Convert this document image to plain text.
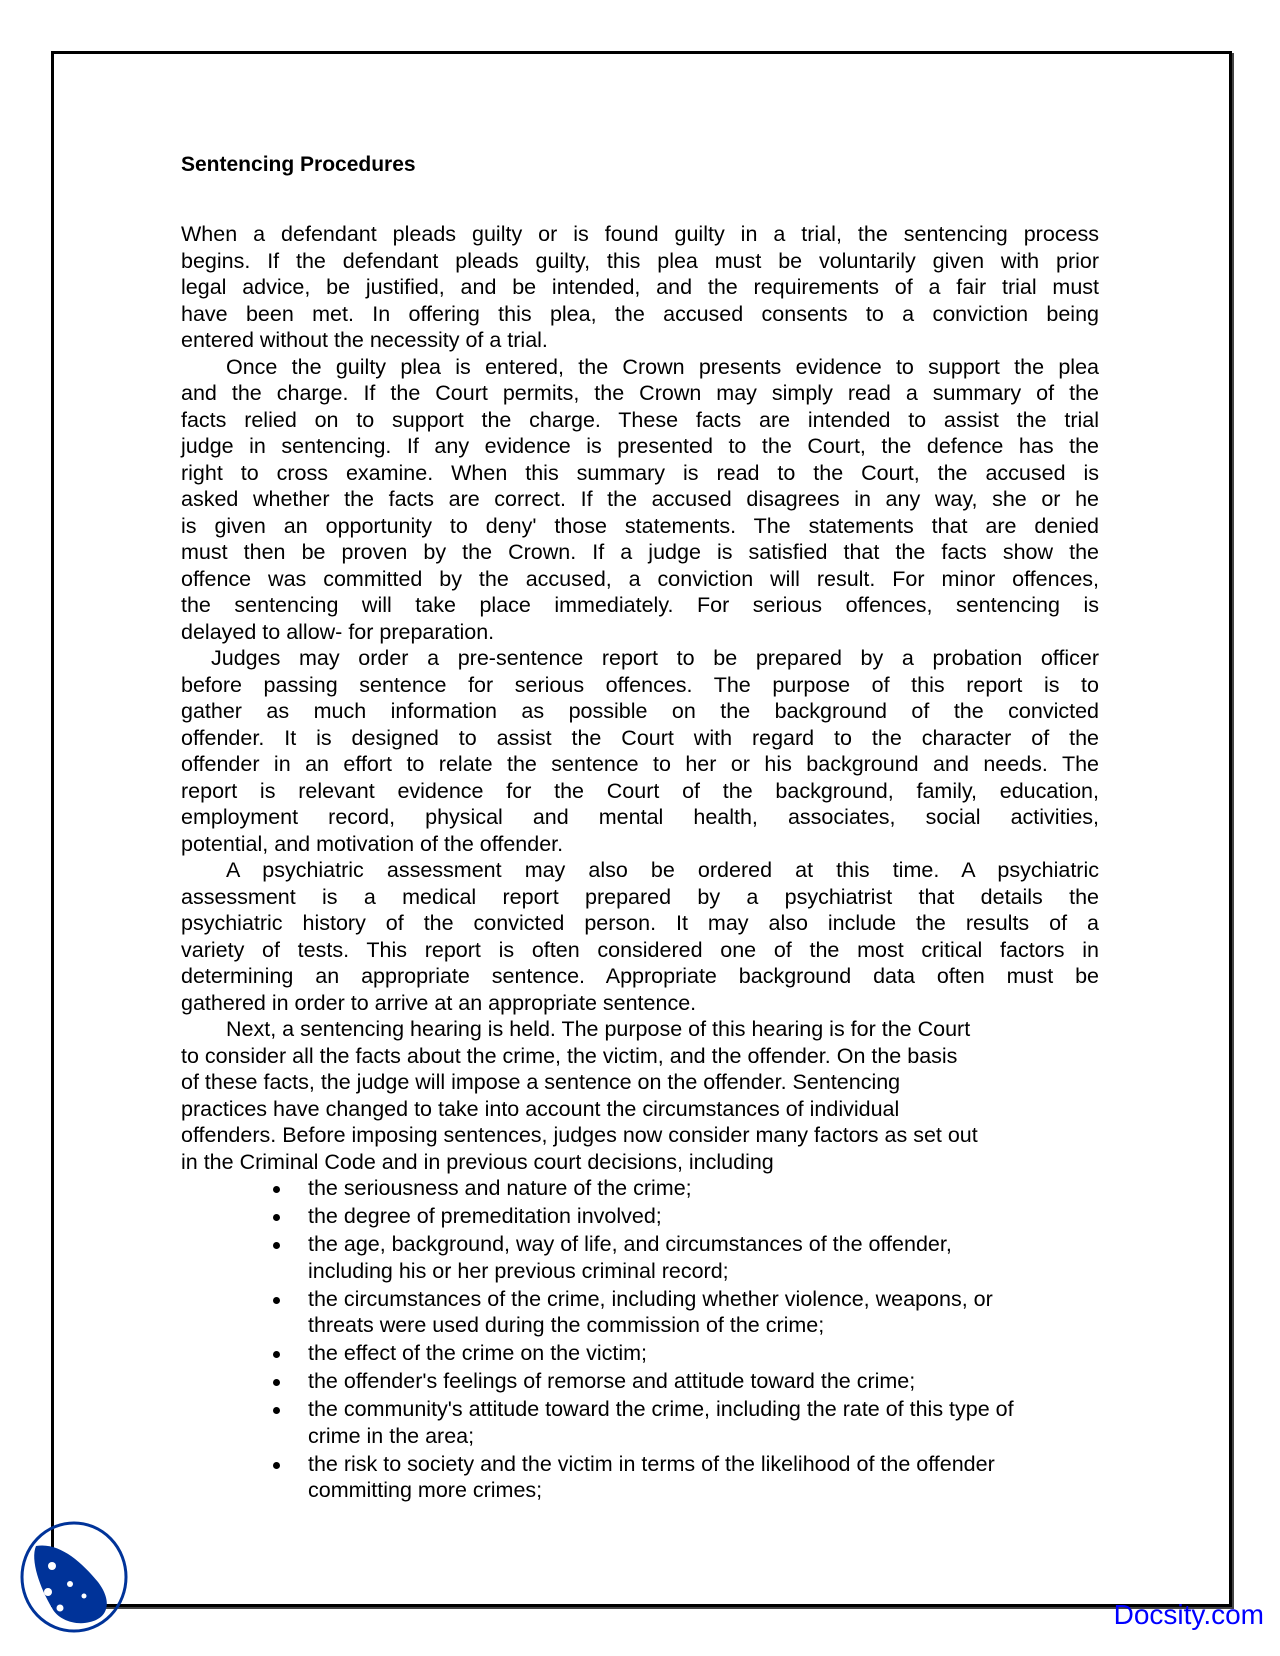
Sentencing Procedures
When a defendant pleads guilty or is found guilty in a trial, the sentencing process
begins. If the defendant pleads guilty, this plea must be voluntarily given with prior
legal advice, be justified, and be intended, and the requirements of a fair trial must
have been met. In offering this plea, the accused consents to a conviction being
entered without the necessity of a trial.
Once the guilty plea is entered, the Crown presents evidence to support the plea
and the charge. If the Court permits, the Crown may simply read a summary of the
facts relied on to support the charge. These facts are intended to assist the trial
judge in sentencing. If any evidence is presented to the Court, the defence has the
right to cross examine. When this summary is read to the Court, the accused is
asked whether the facts are correct. If the accused disagrees in any way, she or he
is given an opportunity to deny' those statements. The statements that are denied
must then be proven by the Crown. If a judge is satisfied that the facts show the
offence was committed by the accused, a conviction will result. For minor offences,
the sentencing will take place immediately. For serious offences, sentencing is
delayed to allow- for preparation.
Judges may order a pre-sentence report to be prepared by a probation officer
before passing sentence for serious offences. The purpose of this report is to
gather as much information as possible on the background of the convicted
offender. It is designed to assist the Court with regard to the character of the
offender in an effort to relate the sentence to her or his background and needs. The
report is relevant evidence for the Court of the background, family, education,
employment record, physical and mental health, associates, social activities,
potential, and motivation of the offender.
A psychiatric assessment may also be ordered at this time. A psychiatric
assessment is a medical report prepared by a psychiatrist that details the
psychiatric history of the convicted person. It may also include the results of a
variety of tests. This report is often considered one of the most critical factors in
determining an appropriate sentence. Appropriate background data often must be
gathered in order to arrive at an appropriate sentence.
Next, a sentencing hearing is held. The purpose of this hearing is for the Court
to consider all the facts about the crime, the victim, and the offender. On the basis
of these facts, the judge will impose a sentence on the offender. Sentencing
practices have changed to take into account the circumstances of individual
offenders. Before imposing sentences, judges now consider many factors as set out
in the Criminal Code and in previous court decisions, including
the seriousness and nature of the crime;
the degree of premeditation involved;
the age, background, way of life, and circumstances of the offender,
including his or her previous criminal record;
the circumstances of the crime, including whether violence, weapons, or
threats were used during the commission of the crime;
the effect of the crime on the victim;
the offender's feelings of remorse and attitude toward the crime;
the community's attitude toward the crime, including the rate of this type of
crime in the area;
the risk to society and the victim in terms of the likelihood of the offender
committing more crimes;
Docsity.com
